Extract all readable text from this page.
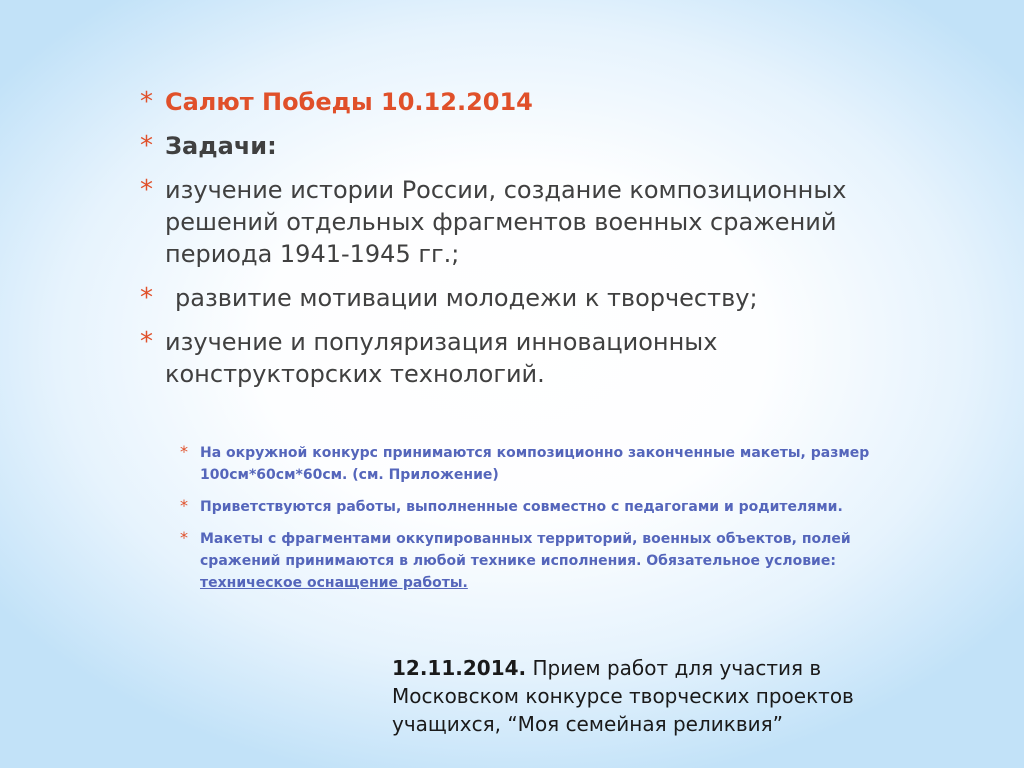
* Салют Победы 10.12.2014
* Задачи:
* изучение истории России, создание композиционных решений отдельных фрагментов военных сражений периода 1941-1945 гг.;
* развитие мотивации молодежи к творчеству;
* изучение и популяризация инновационных конструкторских технологий.
* На окружной конкурс принимаются композиционно законченные макеты, размер 100см*60см*60см. (см. Приложение)
* Приветствуются работы, выполненные совместно с педагогами и родителями.
* Макеты с фрагментами оккупированных территорий, военных объектов, полей сражений принимаются в любой технике исполнения. Обязательное условие: техническое оснащение работы.
12.11.2014. Прием работ для участия в Московском конкурсе творческих проектов учащихся, “Моя семейная реликвия”
